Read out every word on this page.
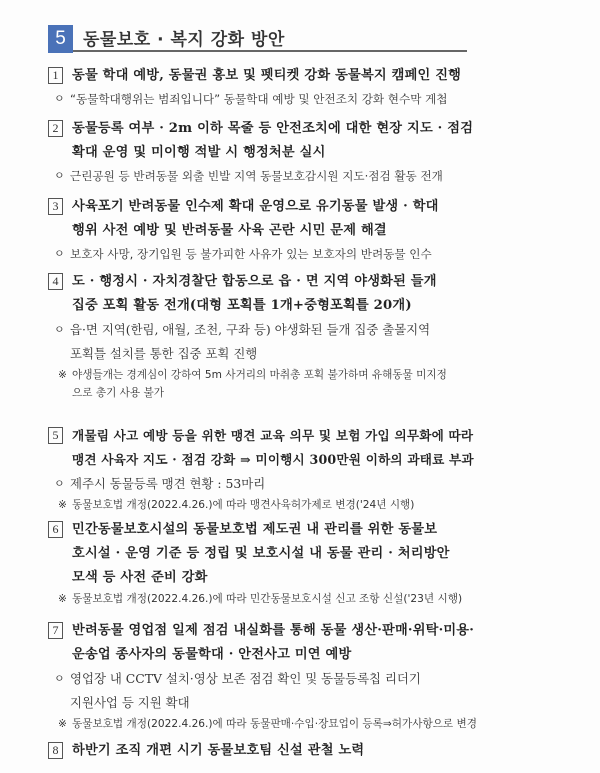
5	동물보호 · 복지 강화 방안
1	동물 학대 예방, 동물권 홍보 및 펫티켓 강화 동물복지 캠페인 진행
ㅇ “동물학대행위는 범죄입니다” 동물학대 예방 및 안전조치 강화 현수막 게첩
2	동물등록 여부 · 2m 이하 목줄 등 안전조치에 대한 현장 지도 · 점검
확대 운영 및 미이행 적발 시 행정처분 실시
ㅇ 근린공원 등 반려동물 외출 빈발 지역 동물보호감시원 지도·점검 활동 전개
3	사육포기 반려동물 인수제 확대 운영으로 유기동물 발생 · 학대
행위 사전 예방 및 반려동물 사육 곤란 시민 문제 해결
ㅇ 보호자 사망, 장기입원 등 불가피한 사유가 있는 보호자의 반려동물 인수
4	도 · 행정시 · 자치경찰단 합동으로 읍 · 면 지역 야생화된 들개
집중 포획 활동 전개(대형 포획틀 1개+중형포획틀 20개)
ㅇ 읍·면 지역(한림, 애월, 조천, 구좌 등) 야생화된 들개 집중 출몰지역
포획틀 설치를 통한 집중 포획 진행
※ 야생들개는 경계심이 강하여 5m 사거리의 마취총 포획 불가하며 유해동물 미지정
으로 총기 사용 불가
5	개물림 사고 예방 등을 위한 맹견 교육 의무 및 보험 가입 의무화에 따라
맹견 사육자 지도 · 점검 강화 ⇒ 미이행시 300만원 이하의 과태료 부과
ㅇ 제주시 동물등록 맹견 현황 : 53마리
※ 동물보호법 개정(2022.4.26.)에 따라 맹견사육허가제로 변경('24년 시행)
6	민간동물보호시설의 동물보호법 제도권 내 관리를 위한 동물보
호시설 · 운영 기준 등 정립 및 보호시설 내 동물 관리 · 처리방안
모색 등 사전 준비 강화
※ 동물보호법 개정(2022.4.26.)에 따라 민간동물보호시설 신고 조항 신설('23년 시행)
7	반려동물 영업점 일제 점검 내실화를 통해 동물 생산·판매·위탁·미용·
운송업 종사자의 동물학대 · 안전사고 미연 예방
ㅇ 영업장 내 CCTV 설치·영상 보존 점검 확인 및 동물등록칩 리더기
지원사업 등 지원 확대
※ 동물보호법 개정(2022.4.26.)에 따라 동물판매·수입·장묘업이 등록⇒허가사항으로 변경
8	하반기 조직 개편 시기 동물보호팀 신설 관철 노력
